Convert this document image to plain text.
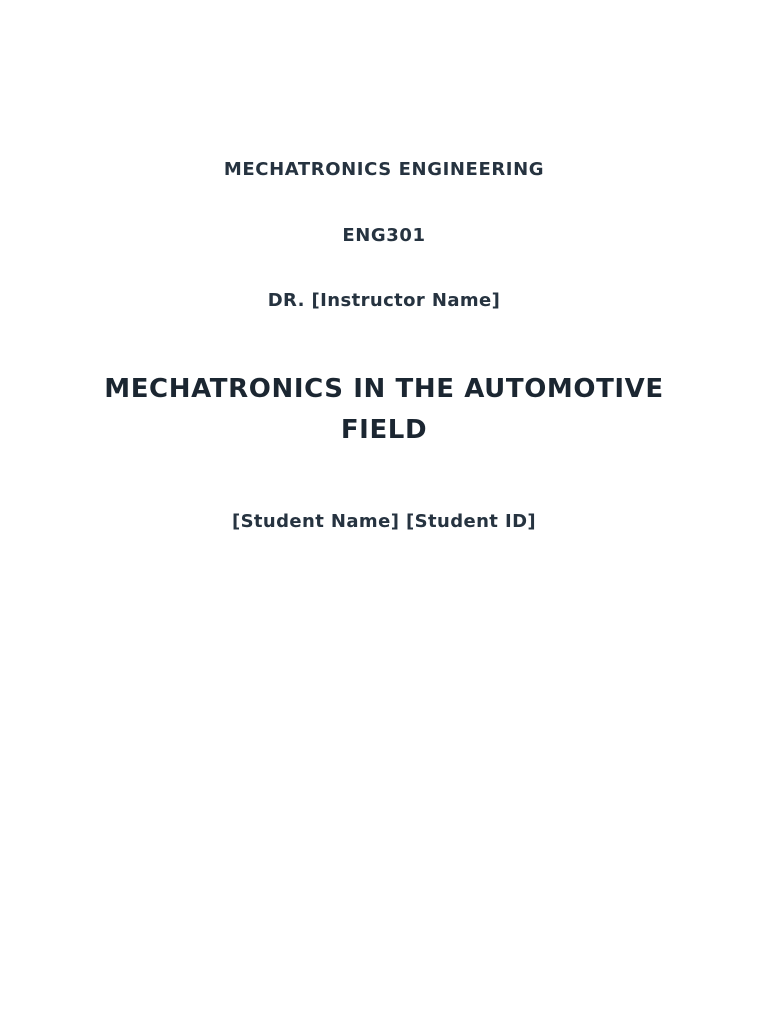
MECHATRONICS ENGINEERING
ENG301
DR. [Instructor Name]
MECHATRONICS IN THE AUTOMOTIVE FIELD
[Student Name] [Student ID]
